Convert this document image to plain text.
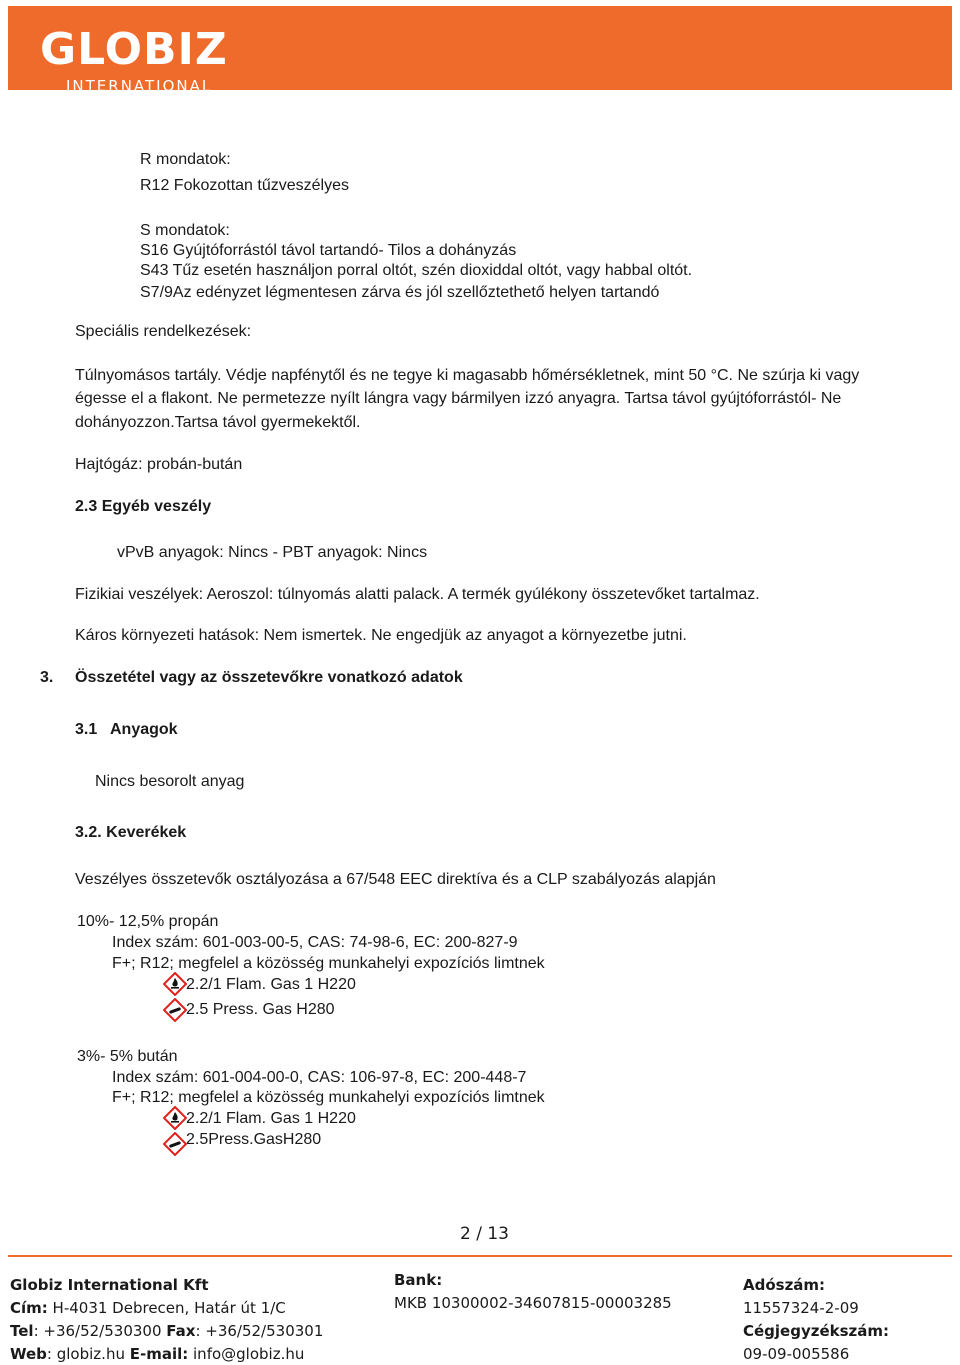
GLOBIZ
INTERNATIONAL
R mondatok:
R12 Fokozottan tűzveszélyes
S mondatok:
S16 Gyújtóforrástól távol tartandó- Tilos a dohányzás
S43 Tűz esetén használjon porral oltót, szén dioxiddal oltót, vagy habbal oltót.
S7/9Az edényzet légmentesen zárva és jól szellőztethető helyen tartandó
Speciális rendelkezések:
Túlnyomásos tartály. Védje napfénytől és ne tegye ki magasabb hőmérsékletnek, mint 50 °C. Ne szúrja ki vagy
égesse el a flakont. Ne permetezze nyílt lángra vagy bármilyen izzó anyagra. Tartsa távol gyújtóforrástól- Ne
dohányozzon.Tartsa távol gyermekektől.
Hajtógáz: probán-bután
2.3 Egyéb veszély
vPvB anyagok: Nincs - PBT anyagok: Nincs
Fizikiai veszélyek: Aeroszol: túlnyomás alatti palack. A termék gyúlékony összetevőket tartalmaz.
Káros környezeti hatások: Nem ismertek. Ne engedjük az anyagot a környezetbe jutni.
3. Összetétel vagy az összetevőkre vonatkozó adatok
3.1 Anyagok
Nincs besorolt anyag
3.2. Keverékek
Veszélyes összetevők osztályozása a 67/548 EEC direktíva és a CLP szabályozás alapján
10%- 12,5% propán
Index szám: 601-003-00-5, CAS: 74-98-6, EC: 200-827-9
F+; R12; megfelel a közösség munkahelyi expozíciós limtnek
2.2/1 Flam. Gas 1 H220
2.5 Press. Gas H280
3%- 5% bután
Index szám: 601-004-00-0, CAS: 106-97-8, EC: 200-448-7
F+; R12; megfelel a közösség munkahelyi expozíciós limtnek
2.2/1 Flam. Gas 1 H220
2.5Press.GasH280
2 / 13
Globiz International Kft
Cím: H-4031 Debrecen, Határ út 1/C
Tel: +36/52/530300 Fax: +36/52/530301
Web: globiz.hu E-mail: info@globiz.hu
Bank:
MKB 10300002-34607815-00003285
Adószám:
11557324-2-09
Cégjegyzékszám:
09-09-005586
